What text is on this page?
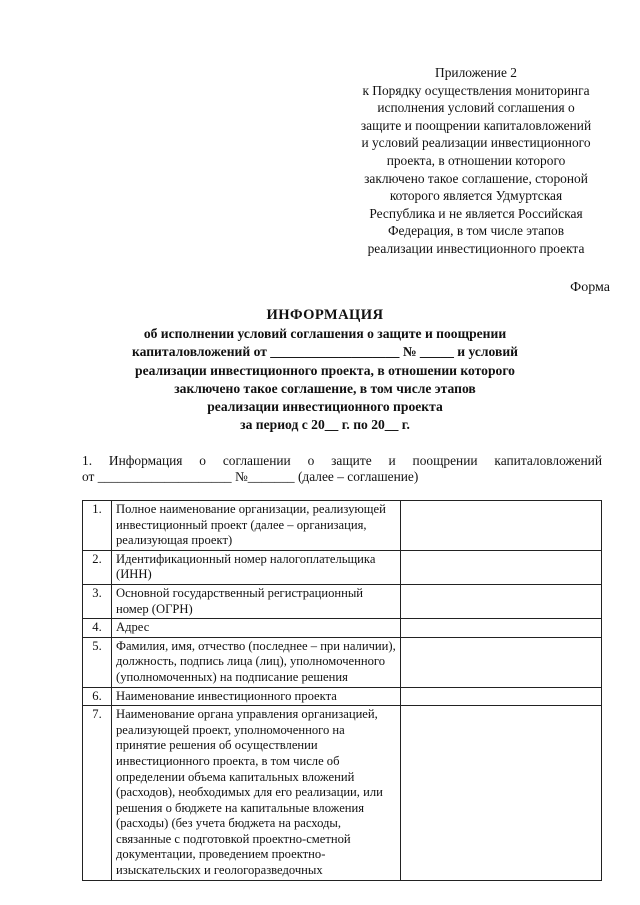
Приложение 2
к Порядку осуществления мониторинга
исполнения условий соглашения о
защите и поощрении капиталовложений
и условий реализации инвестиционного
проекта, в отношении которого
заключено такое соглашение, стороной
которого является Удмуртская
Республика и не является Российская
Федерация, в том числе этапов
реализации инвестиционного проекта
Форма
ИНФОРМАЦИЯ
об исполнении условий соглашения о защите и поощрении
капиталовложений от ___________________ № _____ и условий
реализации инвестиционного проекта, в отношении которого
заключено такое соглашение, в том числе этапов
реализации инвестиционного проекта
за период с 20__ г. по 20__ г.
1. Информация о соглашении о защите и поощрении капиталовложений
от ____________________ №_______ (далее – соглашение)
1.	Полное наименование организации, реализующей инвестиционный проект (далее – организация, реализующая проект)	
2.	Идентификационный номер налогоплательщика (ИНН)	
3.	Основной государственный регистрационный номер (ОГРН)	
4.	Адрес	
5.	Фамилия, имя, отчество (последнее – при наличии), должность, подпись лица (лиц), уполномоченного (уполномоченных) на подписание решения	
6.	Наименование инвестиционного проекта	
7.	Наименование органа управления организацией, реализующей проект, уполномоченного на принятие решения об осуществлении инвестиционного проекта, в том числе об определении объема капитальных вложений (расходов), необходимых для его реализации, или решения о бюджете на капитальные вложения (расходы) (без учета бюджета на расходы, связанные с подготовкой проектно-сметной документации, проведением проектно-изыскательских и геологоразведочных	
